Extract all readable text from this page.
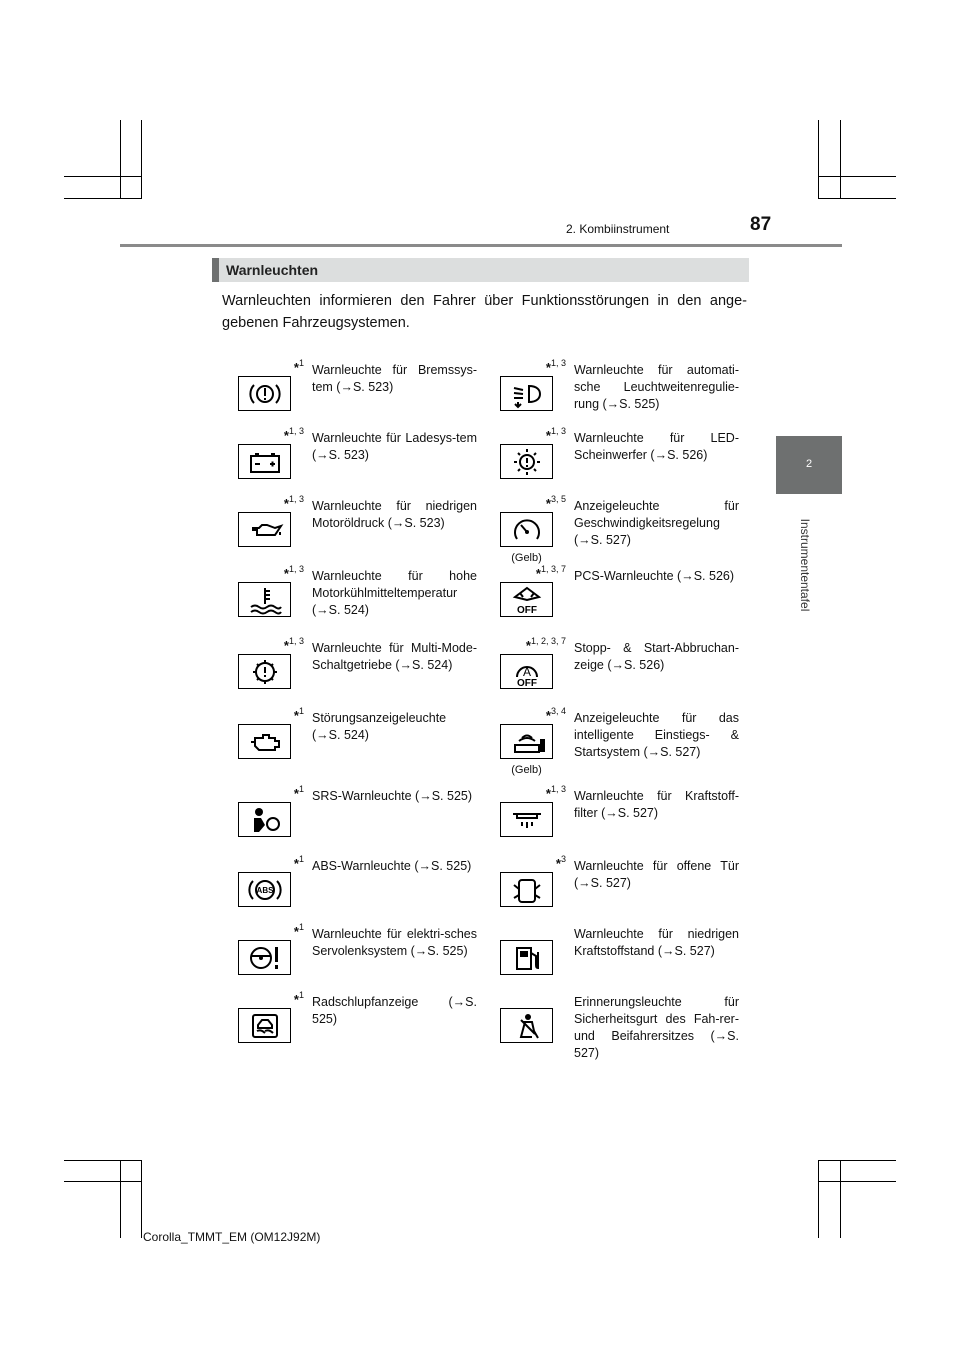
2. Kombiinstrument	87
2
Instrumententafel
Warnleuchten
Warnleuchten informieren den Fahrer über Funktionsstörungen in den ange-gebenen Fahrzeugsystemen.
*$^1$ Warnleuchte für Bremssys-tem (→S. 523)
*$^{1, 3}$ Warnleuchte für automati-sche Leuchtweitenregulie-rung (→S. 525)
*$^{1, 3}$ Warnleuchte für Ladesys-tem (→S. 523)
*$^{1, 3}$ Warnleuchte für LED-Scheinwerfer (→S. 526)
*$^{1, 3}$ Warnleuchte für niedrigen Motoröldruck (→S. 523)
*$^{3, 5}$ Anzeigeleuchte für Geschwindigkeitsregelung (→S. 527)
(Gelb)
*$^{1, 3}$ Warnleuchte für hohe Motorkühlmitteltemperatur (→S. 524)
*$^{1, 3, 7}$
OFF
PCS-Warnleuchte (→S. 526)
*$^{1, 3}$ Warnleuchte für Multi-Mode-Schaltgetriebe (→S. 524)
*$^{1, 2, 3, 7}$
A
OFF
Stopp- & Start-Abbruchan-zeige (→S. 526)
*$^1$ Störungsanzeigeleuchte (→S. 524)
*$^{3, 4}$ Anzeigeleuchte für das intelligente Einstiegs- & Startsystem (→S. 527)
(Gelb)
*$^1$ SRS-Warnleuchte (→S. 525)	*$^{1, 3}$ Warnleuchte für Kraftstoff-filter (→S. 527)
*$^1$
ABS
ABS-Warnleuchte (→S. 525)	*$^3$ Warnleuchte für offene Tür (→S. 527)
*$^1$ Warnleuchte für elektri-sches Servolenksystem (→S. 525)
Warnleuchte für niedrigen Kraftstoffstand (→S. 527)
*$^1$ Radschlupfanzeige (→S. 525)
Erinnerungsleuchte für Sicherheitsgurt des Fah-rer- und Beifahrersitzes (→S. 527)
Corolla_TMMT_EM (OM12J92M)
